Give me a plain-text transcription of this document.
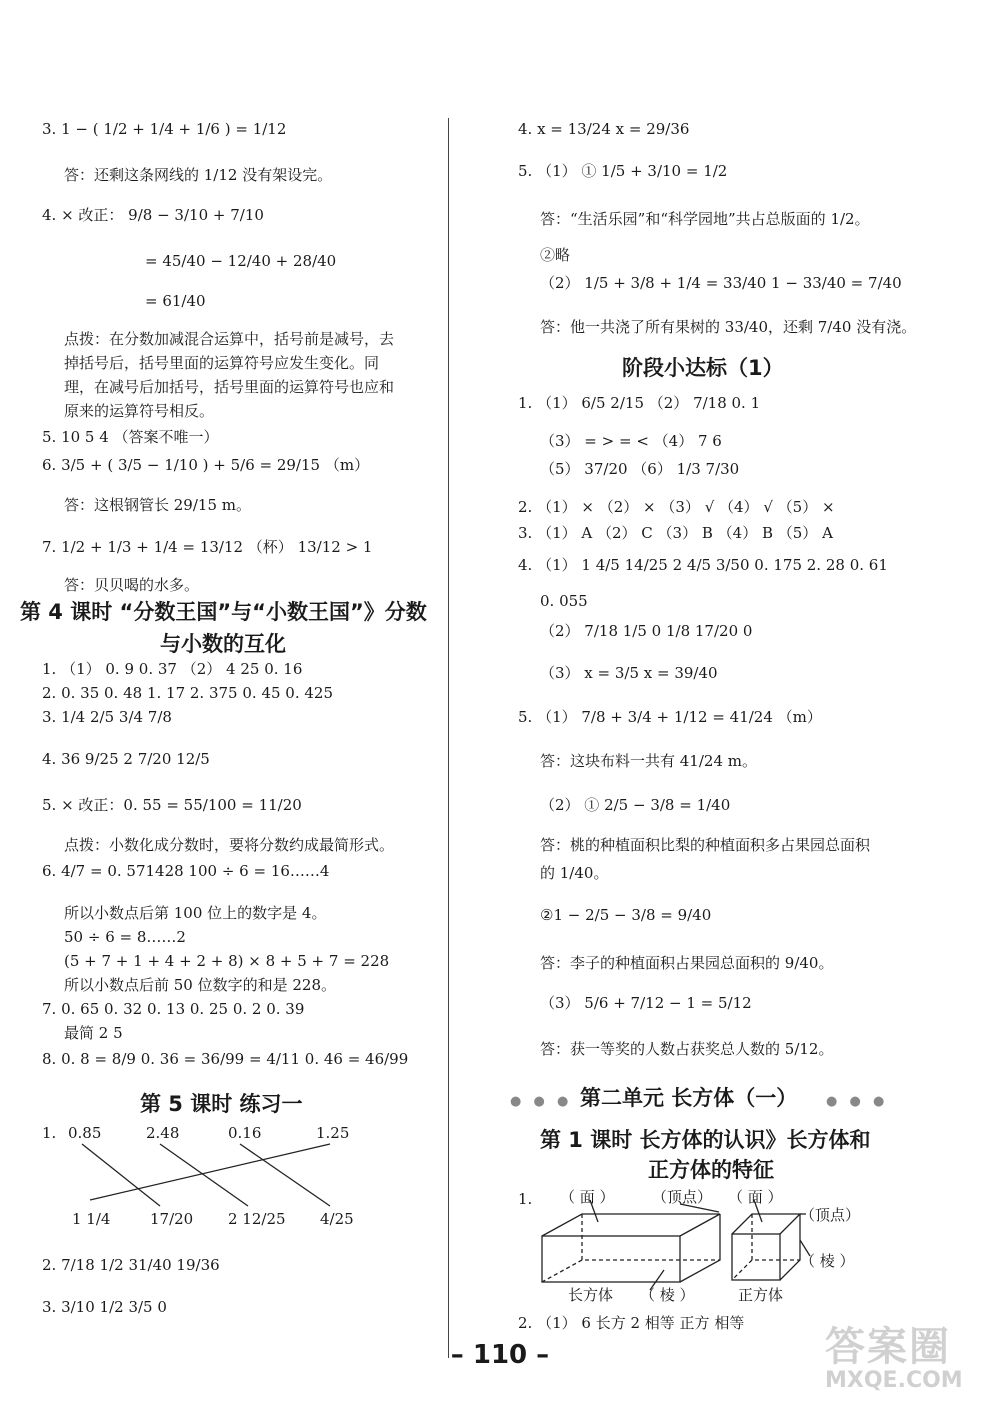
3. 1 − ( 1/2 + 1/4 + 1/6 ) = 1/12
答：还剩这条网线的 1/12 没有架设完。
4. × 改正： 9/8 − 3/10 + 7/10
= 45/40 − 12/40 + 28/40
= 61/40
点拨：在分数加减混合运算中，括号前是减号，去
掉括号后，括号里面的运算符号应发生变化。同
理，在减号后加括号，括号里面的运算符号也应和
原来的运算符号相反。
5. 10 5 4 （答案不唯一）
6. 3/5 + ( 3/5 − 1/10 ) + 5/6 = 29/15 （m）
答：这根钢管长 29/15 m。
7. 1/2 + 1/3 + 1/4 = 13/12 （杯） 13/12 > 1
答：贝贝喝的水多。
第 4 课时 “分数王国”与“小数王国”》分数
与小数的互化
1. （1） 0. 9 0. 37 （2） 4 25 0. 16
2. 0. 35 0. 48 1. 17 2. 375 0. 45 0. 425
3. 1/4 2/5 3/4 7/8
4. 36 9/25 2 7/20 12/5
5. × 改正：0. 55 = 55/100 = 11/20
点拨：小数化成分数时，要将分数约成最简形式。
6. 4/7 = 0. 571428 100 ÷ 6 = 16……4
所以小数点后第 100 位上的数字是 4。
50 ÷ 6 = 8……2
(5 + 7 + 1 + 4 + 2 + 8) × 8 + 5 + 7 = 228
所以小数点后前 50 位数字的和是 228。
7. 0. 65 0. 32 0. 13 0. 25 0. 2 0. 39
最简 2 5
8. 0. 8 = 8/9 0. 36 = 36/99 = 4/11 0. 46 = 46/99
第 5 课时 练习一
2. 7/18 1/2 31/40 19/36
3. 3/10 1/2 3/5 0
4. x = 13/24 x = 29/36
5. （1） ① 1/5 + 3/10 = 1/2
答：“生活乐园”和“科学园地”共占总版面的 1/2。
②略
（2） 1/5 + 3/8 + 1/4 = 33/40 1 − 33/40 = 7/40
答：他一共浇了所有果树的 33/40，还剩 7/40 没有浇。
阶段小达标（1）
1. （1） 6/5 2/15 （2） 7/18 0. 1
（3） = > = < （4） 7 6
（5） 37/20 （6） 1/3 7/30
2. （1） × （2） × （3） √ （4） √ （5） ×
3. （1） A （2） C （3） B （4） B （5） A
4. （1） 1 4/5 14/25 2 4/5 3/50 0. 175 2. 28 0. 61
0. 055
（2） 7/18 1/5 0 1/8 17/20 0
（3） x = 3/5 x = 39/40
5. （1） 7/8 + 3/4 + 1/12 = 41/24 （m）
答：这块布料一共有 41/24 m。
（2） ① 2/5 − 3/8 = 1/40
答：桃的种植面积比梨的种植面积多占果园总面积
的 1/40。
②1 − 2/5 − 3/8 = 9/40
答：李子的种植面积占果园总面积的 9/40。
（3） 5/6 + 7/12 − 1 = 5/12
答：获一等奖的人数占获奖总人数的 5/12。
第二单元 长方体（一）
第 1 课时 长方体的认识》长方体和
正方体的特征
2. （1） 6 长方 2 相等 正方 相等
1. 0.85	2.48	0.16	1.25
1 1/4	17/20 2 12/25 4/25
● ● ●	● ● ●
1. （ 面 ） （顶点） （ 面 ）
（顶点）
（ 棱 ）
（ 棱 ）
长方体	正方体
– 110 –	答案圈
MXQE.COM
